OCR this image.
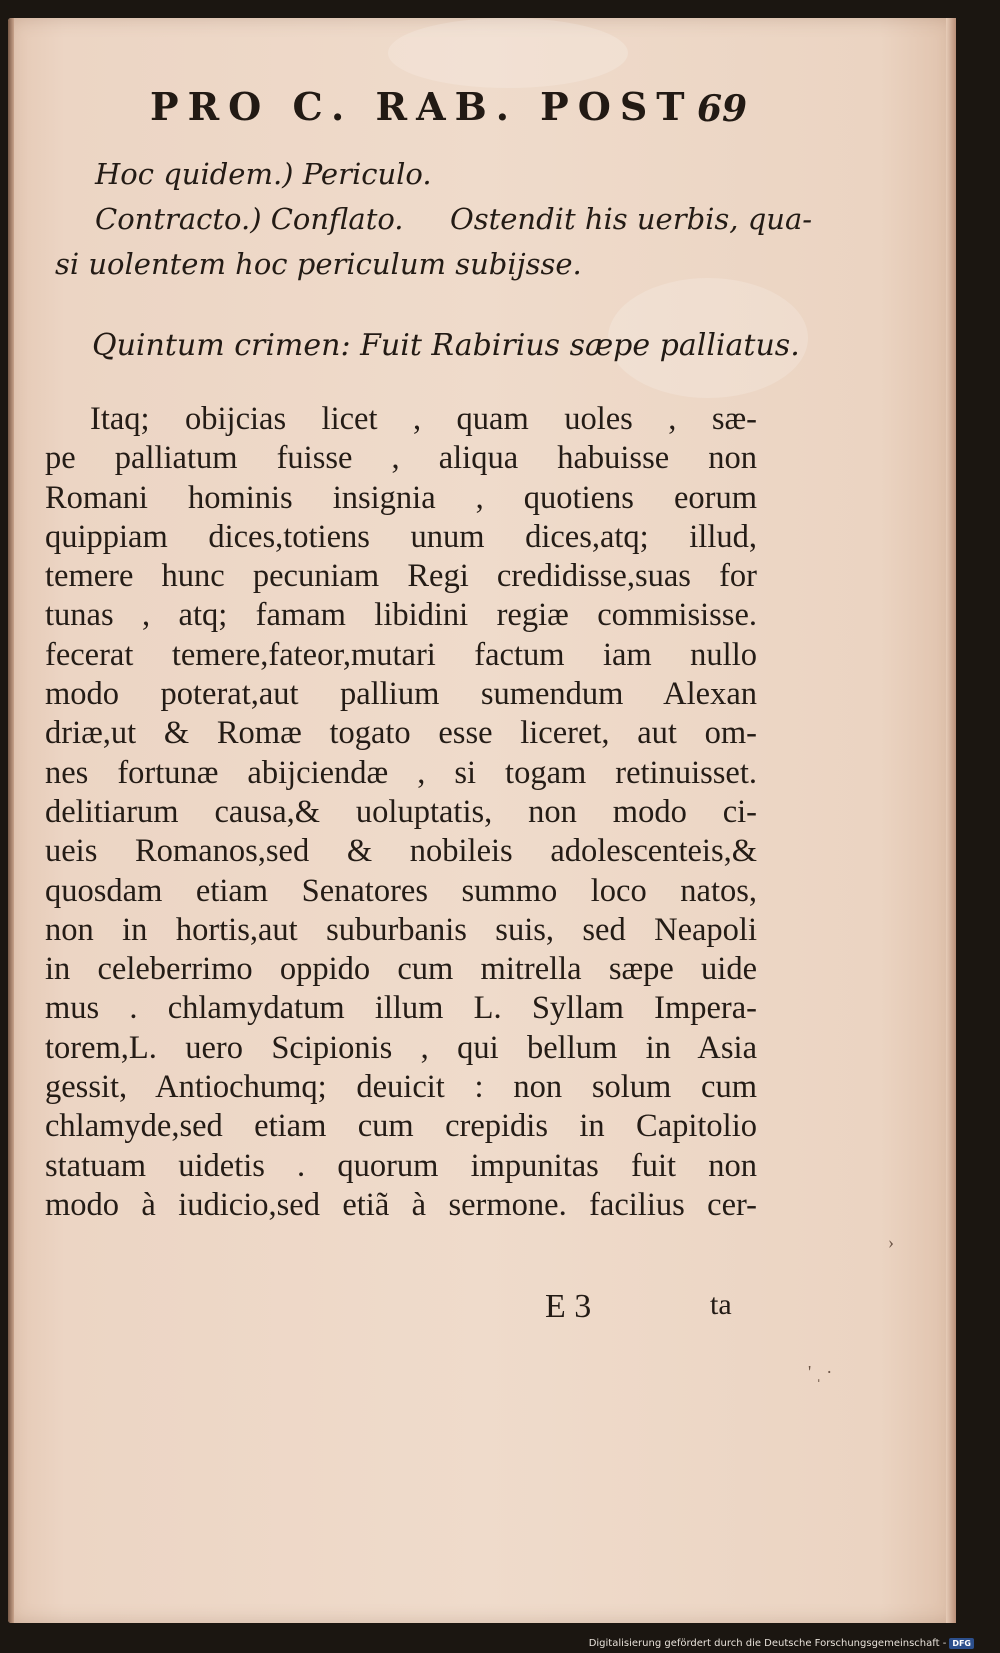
PRO C. RAB. POST 69
Hoc quidem.) Periculo.
Contracto.) Conflato. Ostendit his uerbis, qua-
si uolentem hoc periculum subijsse.
Quintum crimen: Fuit Rabirius sæpe palliatus.
Itaq; obijcias licet , quam uoles , sæ-
pe palliatum fuisse , aliqua habuisse non
Romani hominis insignia , quotiens eorum
quippiam dices,totiens unum dices,atq; illud,
temere hunc pecuniam Regi credidisse,suas for
tunas , atq; famam libidini regiæ commisisse.
fecerat temere,fateor,mutari factum iam nullo
modo poterat,aut pallium sumendum Alexan
driæ,ut & Romæ togato esse liceret, aut om-
nes fortunæ abijciendæ , si togam retinuisset.
delitiarum causa,& uoluptatis, non modo ci-
ueis Romanos,sed & nobileis adolescenteis,&
quosdam etiam Senatores summo loco natos,
non in hortis,aut suburbanis suis, sed Neapoli
in celeberrimo oppido cum mitrella sæpe uide
mus . chlamydatum illum L. Syllam Impera-
torem,L. uero Scipionis , qui bellum in Asia
gessit, Antiochumq; deuicit : non solum cum
chlamyde,sed etiam cum crepidis in Capitolio
statuam uidetis . quorum impunitas fuit non
modo à iudicio,sed etiã à sermone. facilius cer-
E 3	ta
›
' ˌ ·
Digitalisierung gefördert durch die Deutsche Forschungsgemeinschaft - DFG
